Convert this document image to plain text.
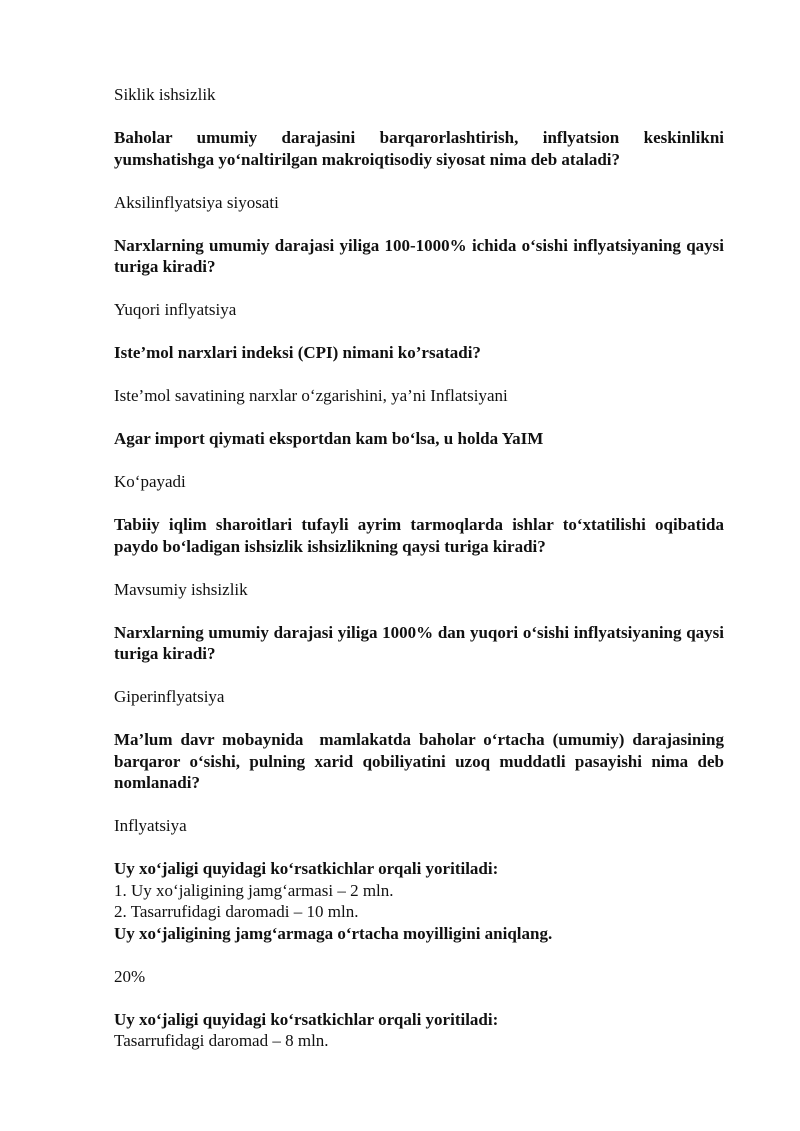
Siklik ishsizlik

Baholar umumiy darajasini barqarorlashtirish, inflyatsion keskinlikni yumshatishga yo‘naltirilgan makroiqtisodiy siyosat nima deb ataladi?

Aksilinflyatsiya siyosati

Narxlarning umumiy darajasi yiliga 100-1000% ichida o‘sishi inflyatsiyaning qaysi turiga kiradi?

Yuqori inflyatsiya

Iste’mol narxlari indeksi (CPI) nimani ko’rsatadi?

Iste’mol savatining narxlar o‘zgarishini, ya’ni Inflatsiyani

Agar import qiymati eksportdan kam bo‘lsa, u holda YaIM

Ko‘payadi

Tabiiy iqlim sharoitlari tufayli ayrim tarmoqlarda ishlar to‘xtatilishi oqibatida paydo bo‘ladigan ishsizlik ishsizlikning qaysi turiga kiradi?

Mavsumiy ishsizlik

Narxlarning umumiy darajasi yiliga 1000% dan yuqori o‘sishi inflyatsiyaning qaysi turiga kiradi?

Giperinflyatsiya

Ma’lum davr mobaynida  mamlakatda baholar o‘rtacha (umumiy) darajasining  barqaror o‘sishi, pulning xarid qobiliyatini uzoq muddatli pasayishi nima deb nomlanadi?

Inflyatsiya

Uy xo‘jaligi quyidagi ko‘rsatkichlar orqali yoritiladi:

1. Uy xo‘jaligining jamg‘armasi – 2 mln.

2. Tasarrufidagi daromadi – 10 mln.

Uy xo‘jaligining jamg‘armaga o‘rtacha moyilligini aniqlang.

20%

Uy xo‘jaligi quyidagi ko‘rsatkichlar orqali yoritiladi:

Tasarrufidagi daromad – 8 mln.
